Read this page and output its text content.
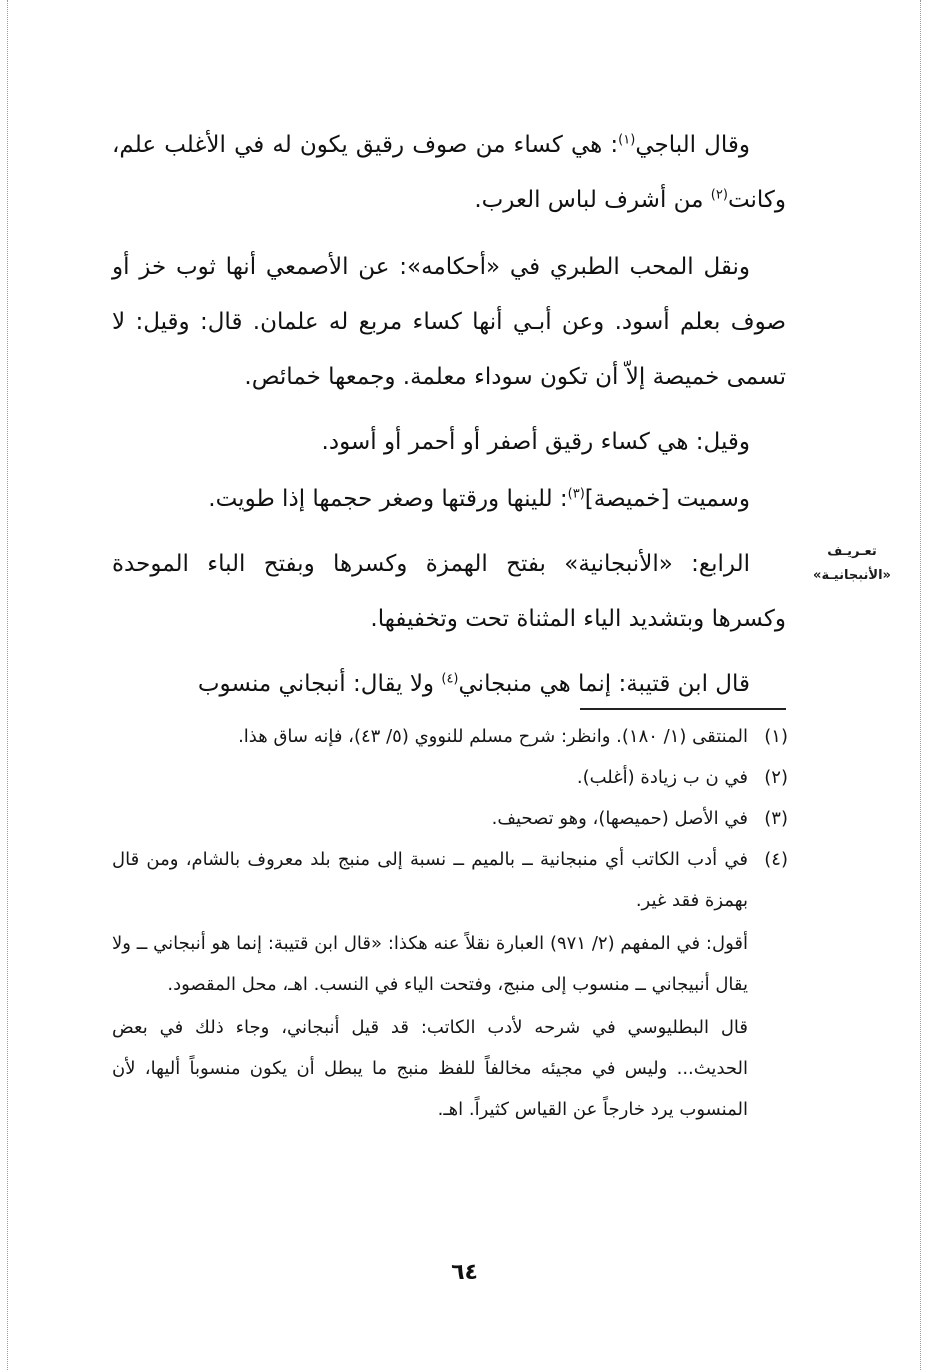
وقال الباجي$^{(١)}$: هي كساء من صوف رقيق يكون له في الأغلب علم، وكانت$^{(٢)}$ من أشرف لباس العرب.

ونقل المحب الطبري في «أحكامه»: عن الأصمعي أنها ثوب خز أو صوف بعلم أسود. وعن أبـي أنها كساء مربع له علمان. قال: وقيل: لا تسمى خميصة إلاّ أن تكون سوداء معلمة. وجمعها خمائص.

وقيل: هي كساء رقيق أصفر أو أحمر أو أسود.

وسميت [خميصة]$^{(٣)}$: للينها ورقتها وصغر حجمها إذا طويت.

الرابع: «الأنبجانية» بفتح الهمزة وكسرها وبفتح الباء الموحدة وكسرها وبتشديد الياء المثناة تحت وتخفيفها.

قال ابن قتيبة: إنما هي منبجاني$^{(٤)}$ ولا يقال: أنبجاني منسوب

تعـريـف
«الأنبجانيـة»
(١)

المنتقى (١/ ١٨٠). وانظر: شرح مسلم للنووي (٥/ ٤٣)، فإنه ساق هذا.

(٢)

في ن ب زيادة (أغلب).

(٣)

في الأصل (حميصها)، وهو تصحيف.

(٤)

في أدب الكاتب أي منبجانية ــ بالميم ــ نسبة إلى منبج بلد معروف بالشام، ومن قال بهمزة فقد غير.

أقول: في المفهم (٢/ ٩٧١) العبارة نقلاً عنه هكذا: «قال ابن قتيبة: إنما هو أنبجاني ــ ولا يقال أنبيجاني ــ منسوب إلى منبج، وفتحت الياء في النسب. اهـ، محل المقصود.

قال البطليوسي في شرحه لأدب الكاتب: قد قيل أنبجاني، وجاء ذلك في بعض الحديث... وليس في مجيئه مخالفاً للفظ منبج ما يبطل أن يكون منسوباً أليها، لأن المنسوب يرد خارجاً عن القياس كثيراً. اهـ.

٦٤
